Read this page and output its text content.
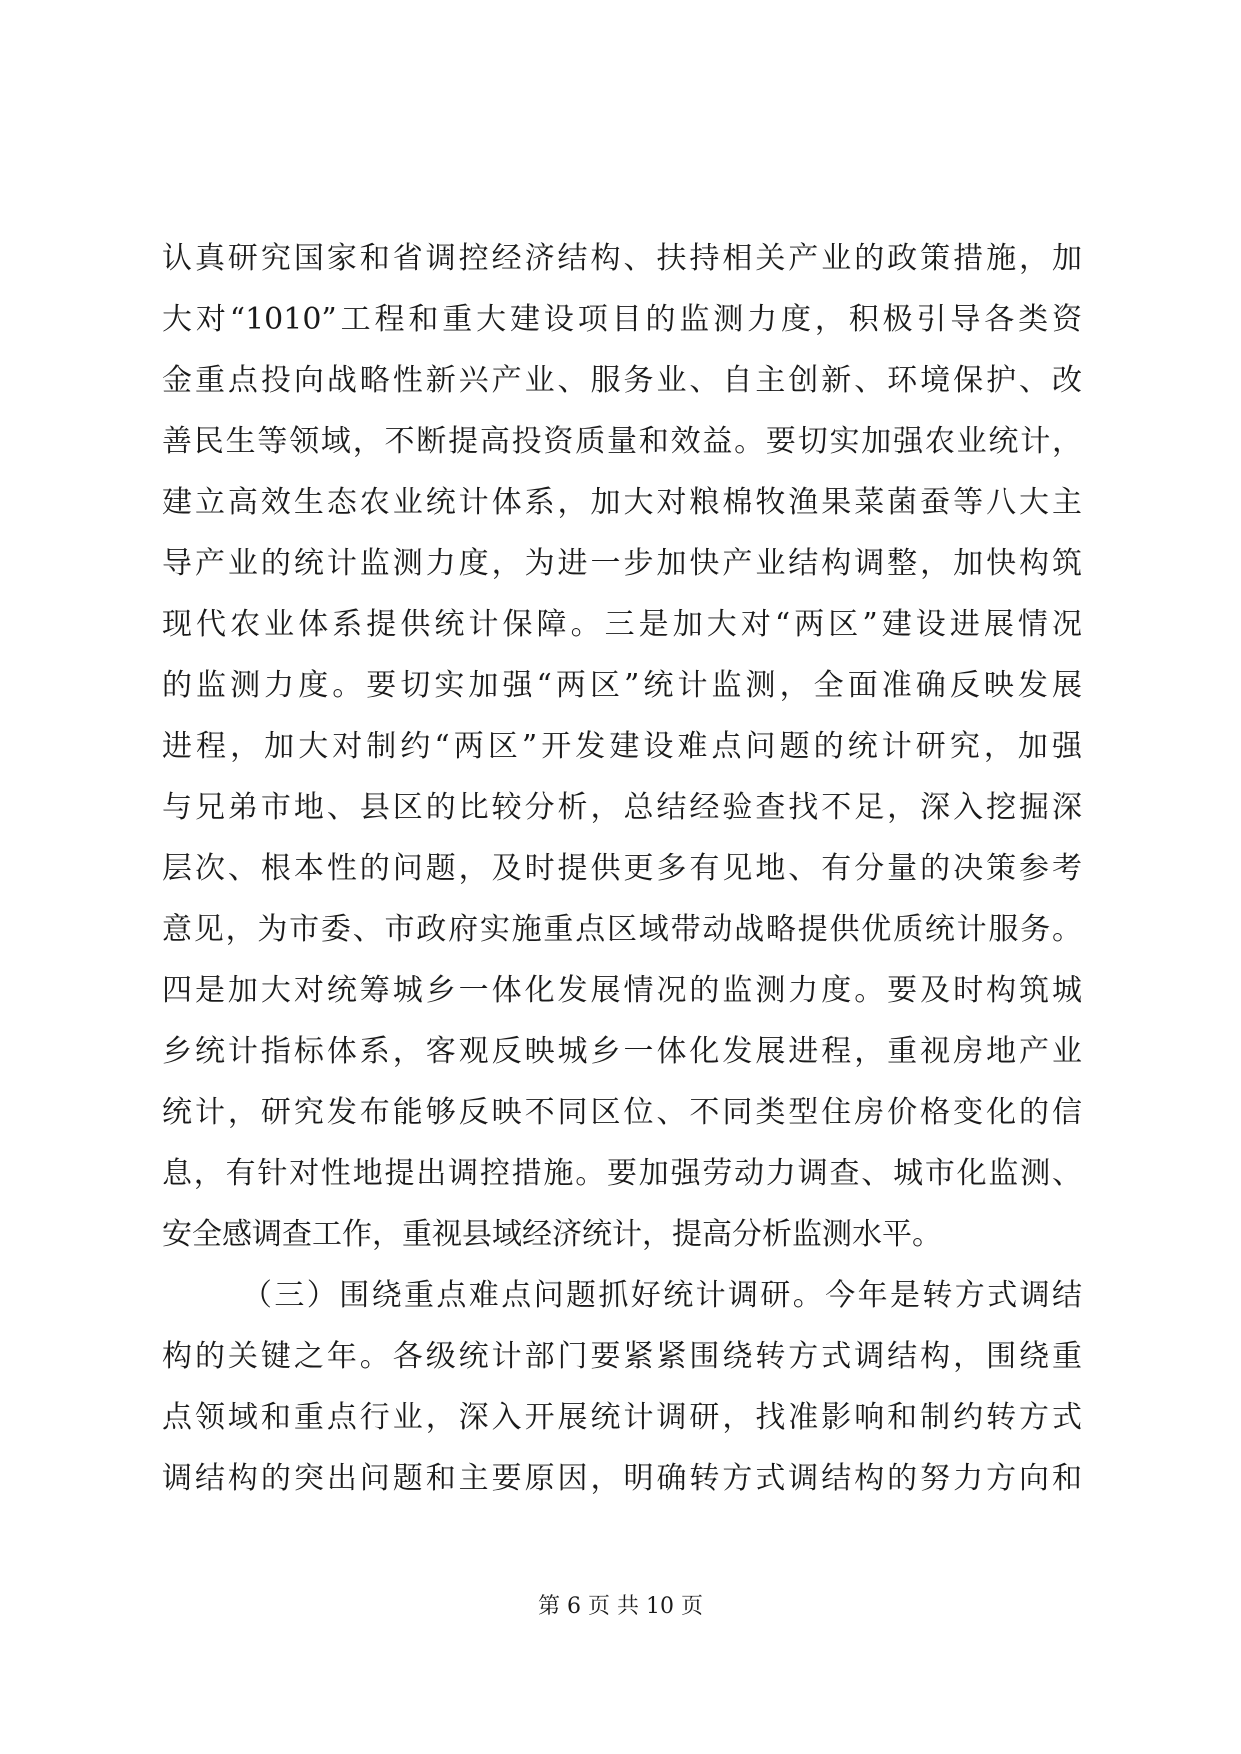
认真研究国家和省调控经济结构、扶持相关产业的政策措施，加
大对“1010”工程和重大建设项目的监测力度，积极引导各类资
金重点投向战略性新兴产业、服务业、自主创新、环境保护、改
善民生等领域，不断提高投资质量和效益。要切实加强农业统计，
建立高效生态农业统计体系，加大对粮棉牧渔果菜菌蚕等八大主
导产业的统计监测力度，为进一步加快产业结构调整，加快构筑
现代农业体系提供统计保障。三是加大对“两区”建设进展情况
的监测力度。要切实加强“两区”统计监测，全面准确反映发展
进程，加大对制约“两区”开发建设难点问题的统计研究，加强
与兄弟市地、县区的比较分析，总结经验查找不足，深入挖掘深
层次、根本性的问题，及时提供更多有见地、有分量的决策参考
意见，为市委、市政府实施重点区域带动战略提供优质统计服务。
四是加大对统筹城乡一体化发展情况的监测力度。要及时构筑城
乡统计指标体系，客观反映城乡一体化发展进程，重视房地产业
统计，研究发布能够反映不同区位、不同类型住房价格变化的信
息，有针对性地提出调控措施。要加强劳动力调查、城市化监测、
安全感调查工作，重视县域经济统计，提高分析监测水平。
（三）围绕重点难点问题抓好统计调研。今年是转方式调结
构的关键之年。各级统计部门要紧紧围绕转方式调结构，围绕重
点领域和重点行业，深入开展统计调研，找准影响和制约转方式
调结构的突出问题和主要原因，明确转方式调结构的努力方向和
第 6 页 共 10 页
